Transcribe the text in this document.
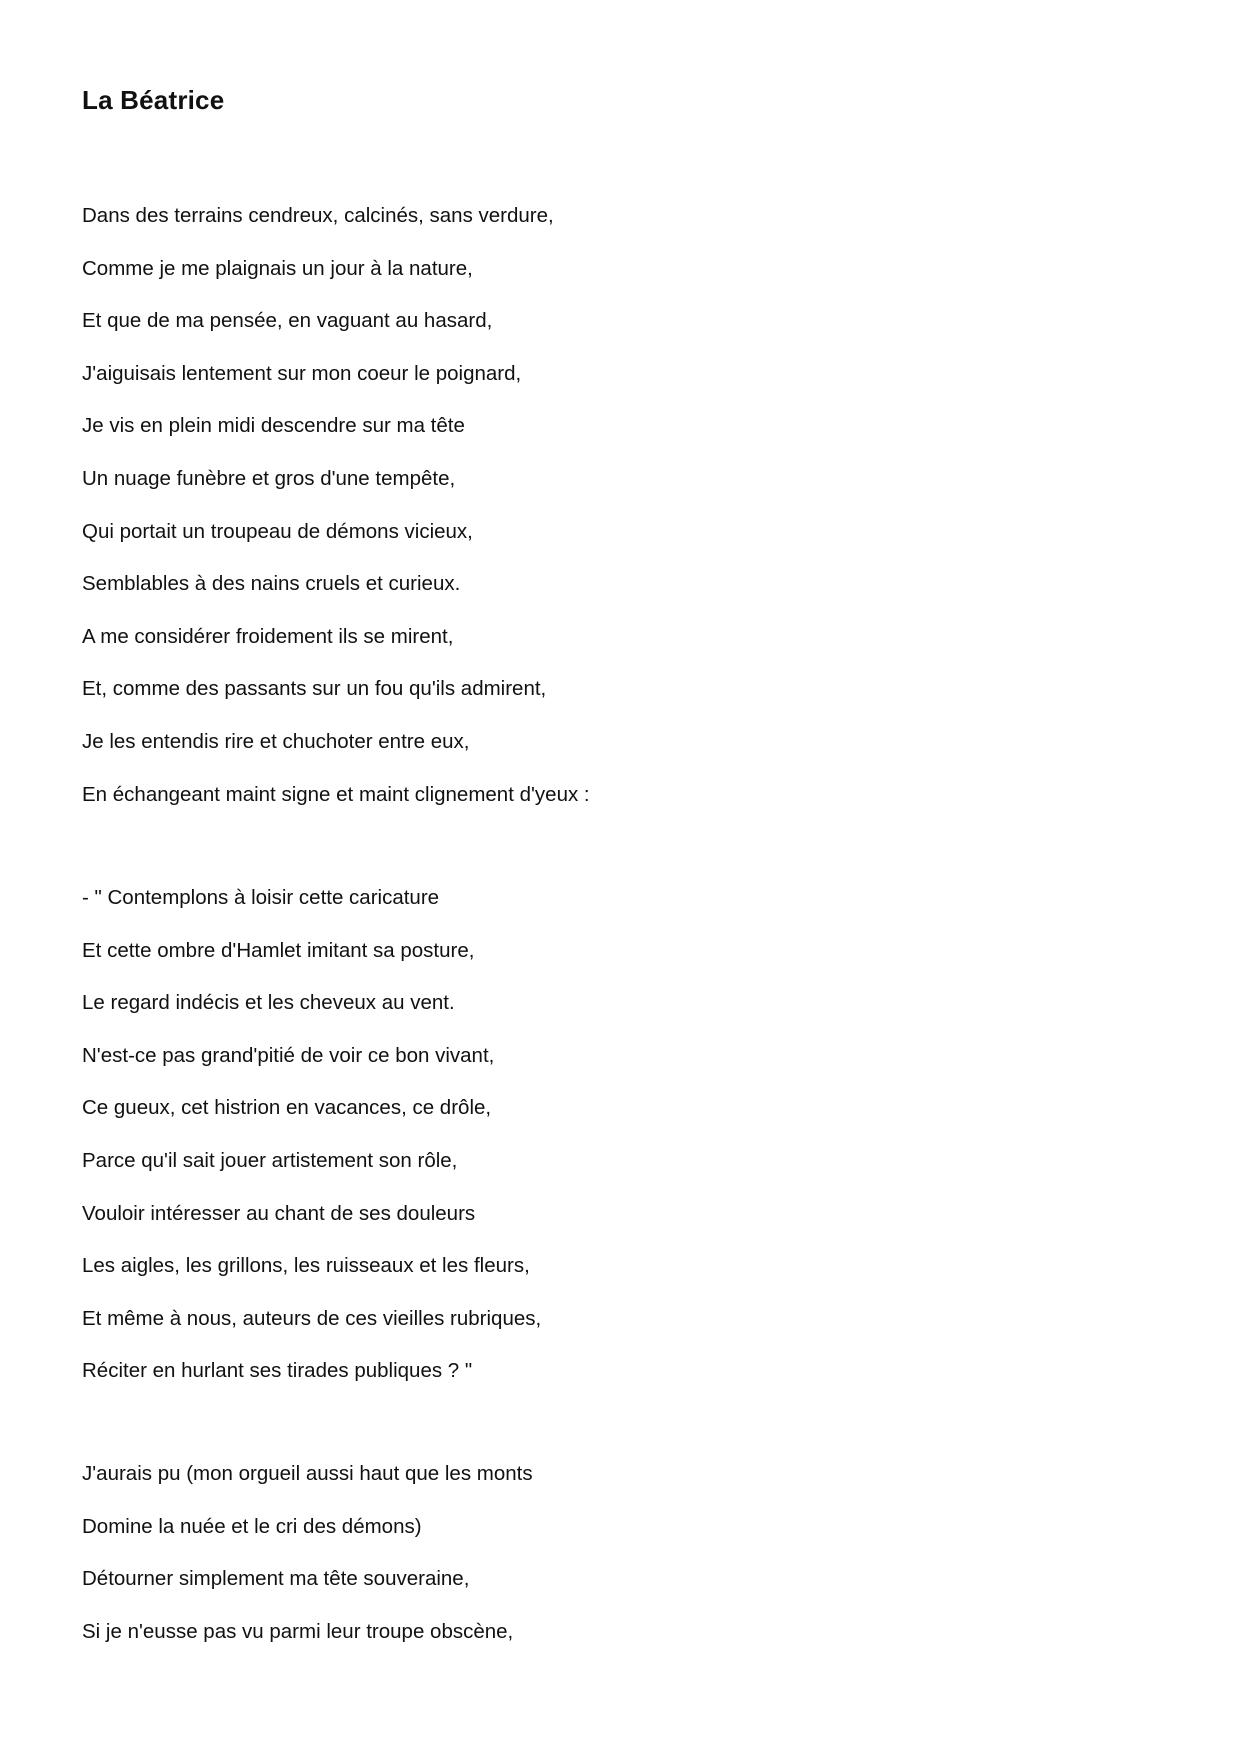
La Béatrice
Dans des terrains cendreux, calcinés, sans verdure,
Comme je me plaignais un jour à la nature,
Et que de ma pensée, en vaguant au hasard,
J'aiguisais lentement sur mon coeur le poignard,
Je vis en plein midi descendre sur ma tête
Un nuage funèbre et gros d'une tempête,
Qui portait un troupeau de démons vicieux,
Semblables à des nains cruels et curieux.
A me considérer froidement ils se mirent,
Et, comme des passants sur un fou qu'ils admirent,
Je les entendis rire et chuchoter entre eux,
En échangeant maint signe et maint clignement d'yeux :
- " Contemplons à loisir cette caricature
Et cette ombre d'Hamlet imitant sa posture,
Le regard indécis et les cheveux au vent.
N'est-ce pas grand'pitié de voir ce bon vivant,
Ce gueux, cet histrion en vacances, ce drôle,
Parce qu'il sait jouer artistement son rôle,
Vouloir intéresser au chant de ses douleurs
Les aigles, les grillons, les ruisseaux et les fleurs,
Et même à nous, auteurs de ces vieilles rubriques,
Réciter en hurlant ses tirades publiques ? "
J'aurais pu (mon orgueil aussi haut que les monts
Domine la nuée et le cri des démons)
Détourner simplement ma tête souveraine,
Si je n'eusse pas vu parmi leur troupe obscène,
